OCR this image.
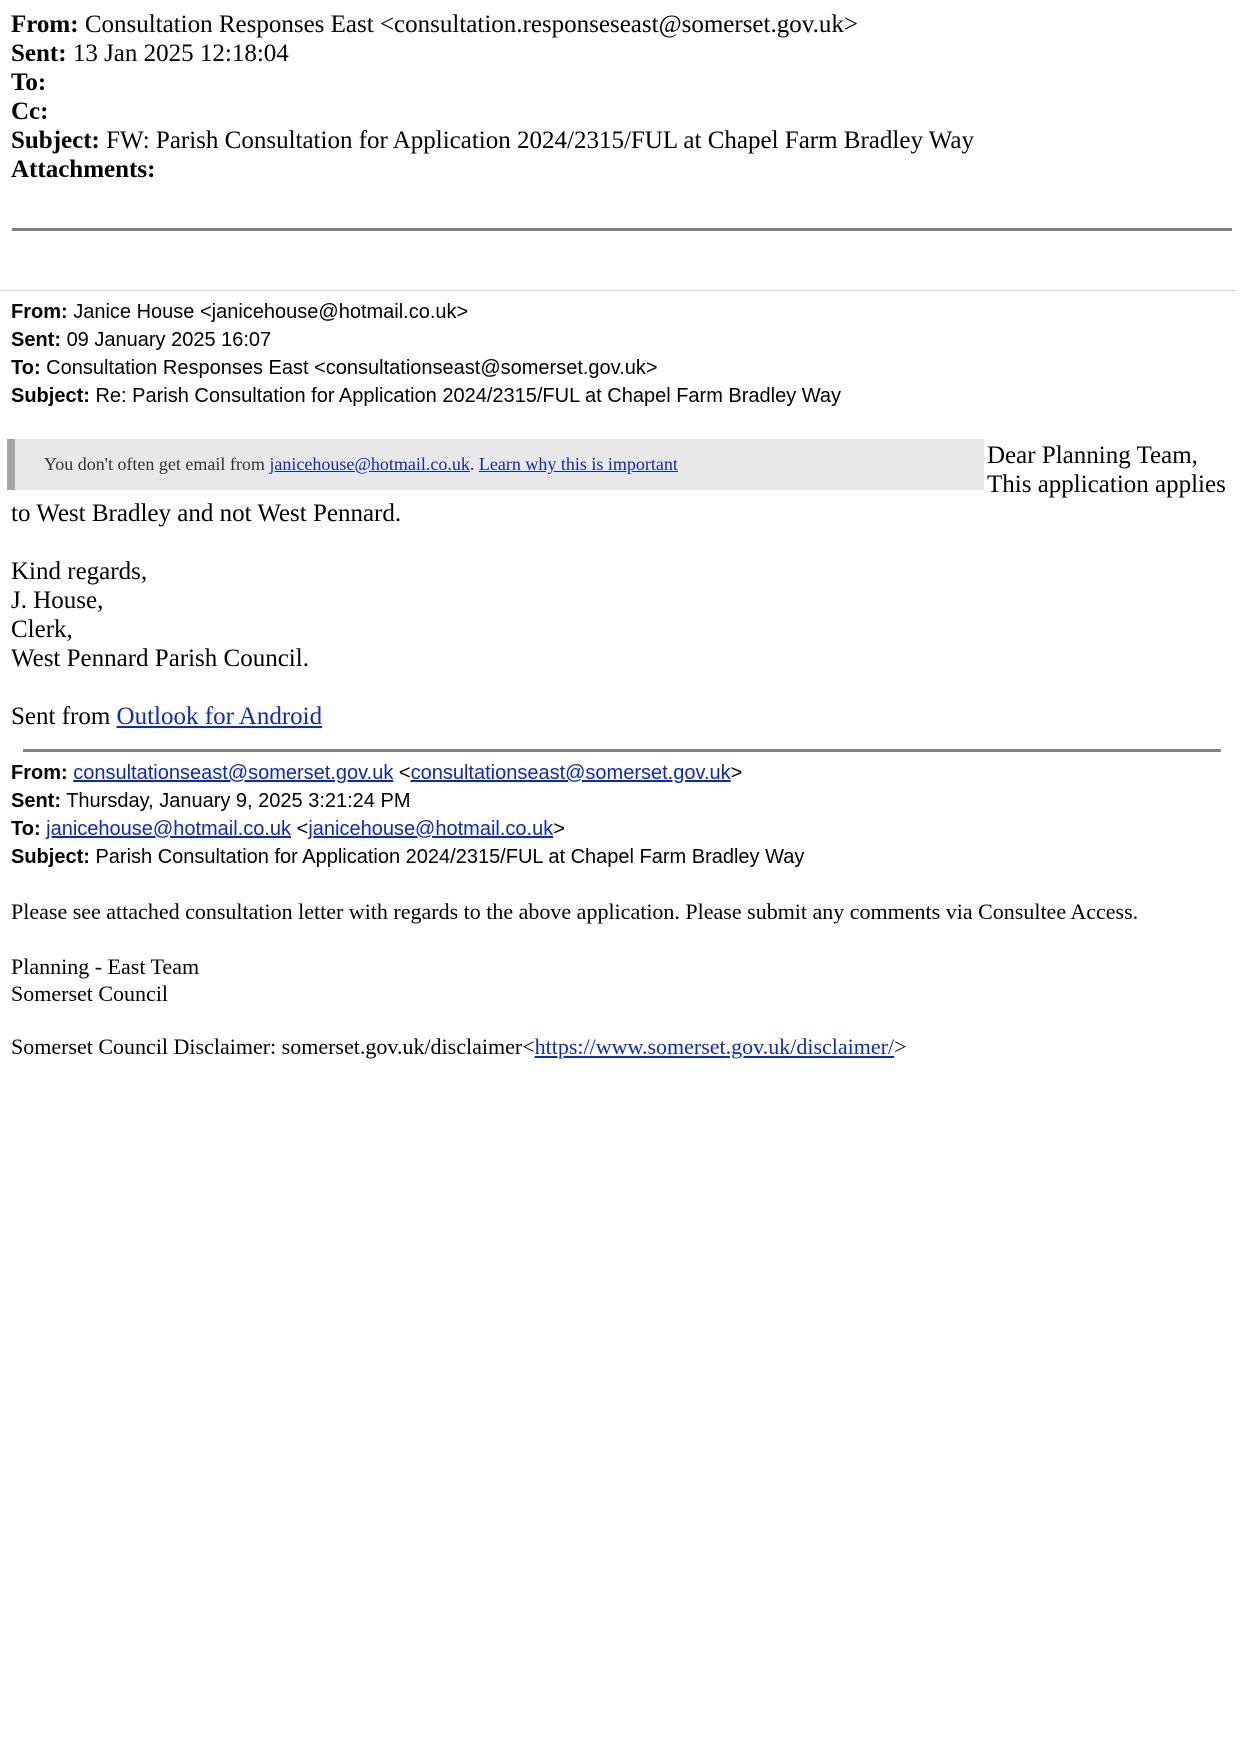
From: Consultation Responses East <consultation.responseseast@somerset.gov.uk>
Sent: 13 Jan 2025 12:18:04
To:
Cc:
Subject: FW: Parish Consultation for Application 2024/2315/FUL at Chapel Farm Bradley Way
Attachments:
From: Janice House <janicehouse@hotmail.co.uk>
Sent: 09 January 2025 16:07
To: Consultation Responses East <consultationseast@somerset.gov.uk>
Subject: Re: Parish Consultation for Application 2024/2315/FUL at Chapel Farm Bradley Way
You don't often get email from janicehouse@hotmail.co.uk. Learn why this is important	Dear Planning Team,
This application applies
to West Bradley and not West Pennard.
Kind regards,
J. House,
Clerk,
West Pennard Parish Council.
Sent from Outlook for Android
From: consultationseast@somerset.gov.uk <consultationseast@somerset.gov.uk>
Sent: Thursday, January 9, 2025 3:21:24 PM
To: janicehouse@hotmail.co.uk <janicehouse@hotmail.co.uk>
Subject: Parish Consultation for Application 2024/2315/FUL at Chapel Farm Bradley Way
Please see attached consultation letter with regards to the above application. Please submit any comments via Consultee Access.
Planning - East Team
Somerset Council
Somerset Council Disclaimer: somerset.gov.uk/disclaimer<https://www.somerset.gov.uk/disclaimer/>
